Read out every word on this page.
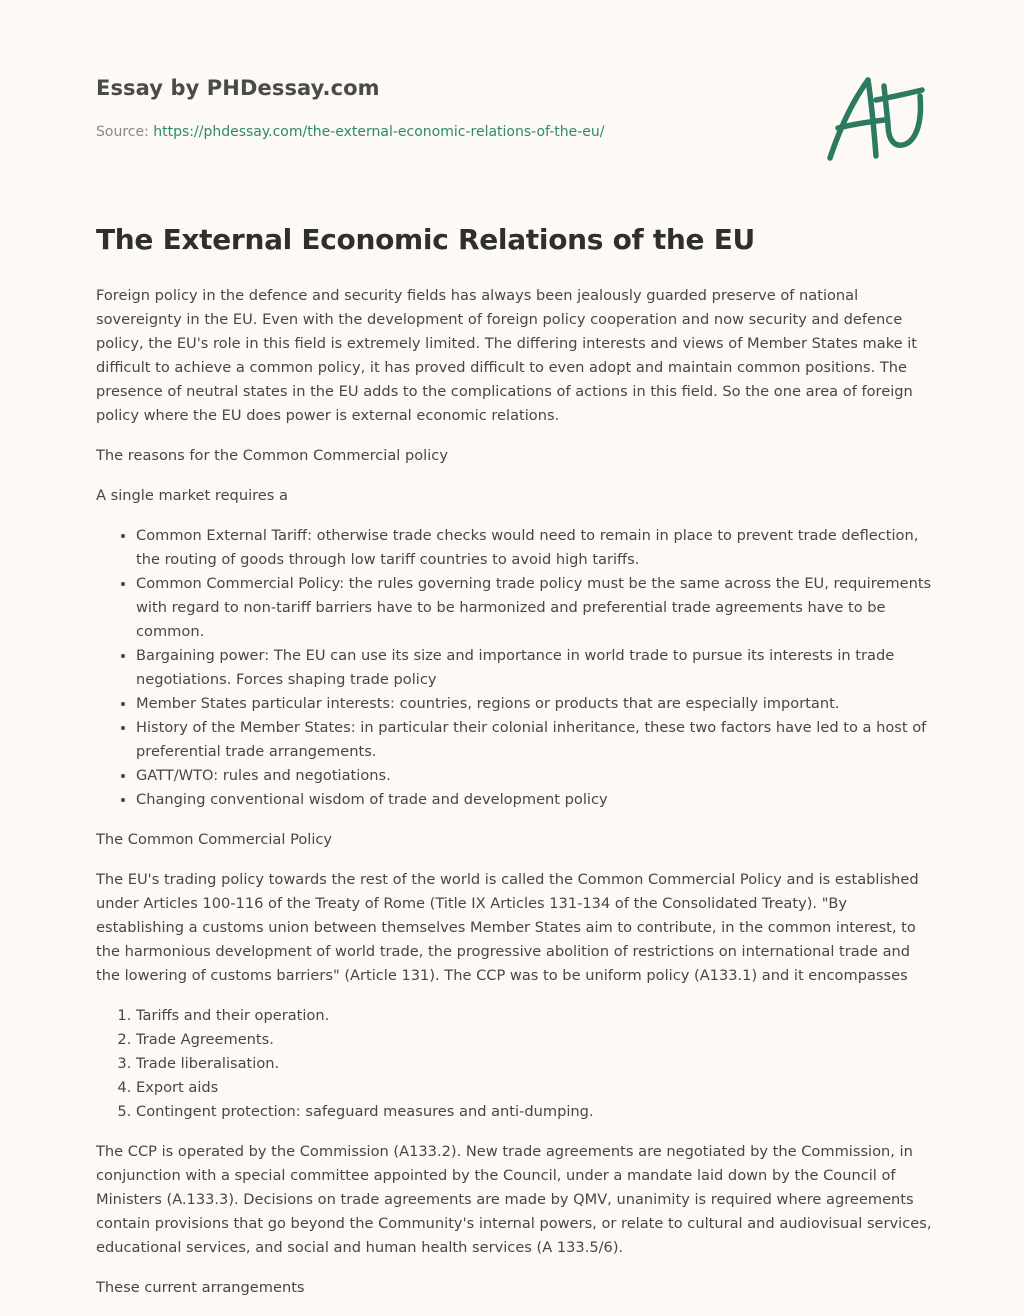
Essay by PHDessay.com
Source: https://phdessay.com/the-external-economic-relations-of-the-eu/
The External Economic Relations of the EU

Foreign policy in the defence and security fields has always been jealously guarded preserve of national sovereignty in the EU. Even with the development of foreign policy cooperation and now security and defence policy, the EU's role in this field is extremely limited. The differing interests and views of Member States make it difficult to achieve a common policy, it has proved difficult to even adopt and maintain common positions. The presence of neutral states in the EU adds to the complications of actions in this field. So the one area of foreign policy where the EU does power is external economic relations.

The reasons for the Common Commercial policy

A single market requires a

• Common External Tariff: otherwise trade checks would need to remain in place to prevent trade deflection, the routing of goods through low tariff countries to avoid high tariffs.
• Common Commercial Policy: the rules governing trade policy must be the same across the EU, requirements with regard to non-tariff barriers have to be harmonized and preferential trade agreements have to be common.
• Bargaining power: The EU can use its size and importance in world trade to pursue its interests in trade negotiations. Forces shaping trade policy
• Member States particular interests: countries, regions or products that are especially important.
• History of the Member States: in particular their colonial inheritance, these two factors have led to a host of preferential trade arrangements.
• GATT/WTO: rules and negotiations.
• Changing conventional wisdom of trade and development policy

The Common Commercial Policy

The EU's trading policy towards the rest of the world is called the Common Commercial Policy and is established under Articles 100-116 of the Treaty of Rome (Title IX Articles 131-134 of the Consolidated Treaty). "By establishing a customs union between themselves Member States aim to contribute, in the common interest, to the harmonious development of world trade, the progressive abolition of restrictions on international trade and the lowering of customs barriers" (Article 131). The CCP was to be uniform policy (A133.1) and it encompasses

1. Tariffs and their operation.
2. Trade Agreements.
3. Trade liberalisation.
4. Export aids
5. Contingent protection: safeguard measures and anti-dumping.

The CCP is operated by the Commission (A133.2). New trade agreements are negotiated by the Commission, in conjunction with a special committee appointed by the Council, under a mandate laid down by the Council of Ministers (A.133.3). Decisions on trade agreements are made by QMV, unanimity is required where agreements contain provisions that go beyond the Community's internal powers, or relate to cultural and audiovisual services, educational services, and social and human health services (A 133.5/6).

These current arrangements
